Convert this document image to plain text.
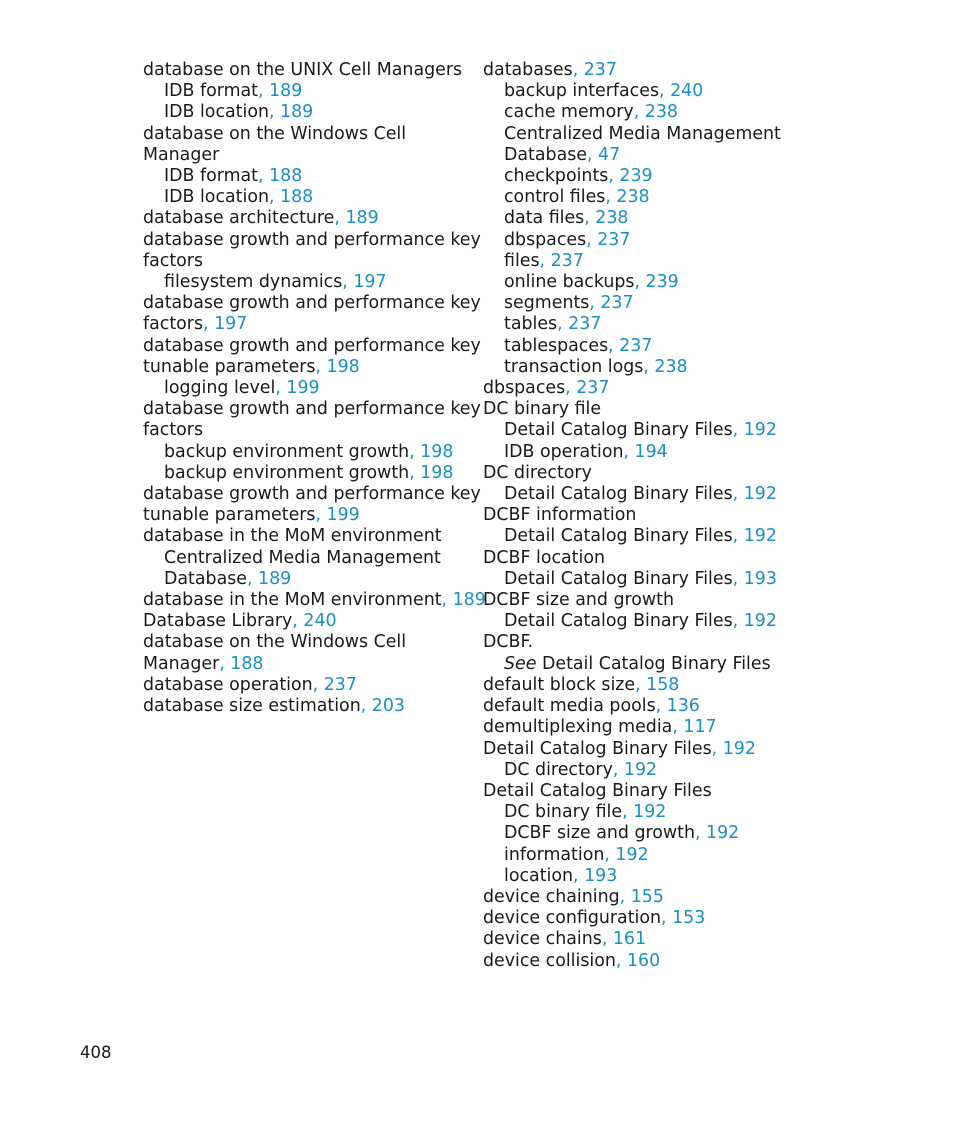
database on the UNIX Cell Managers
IDB format, 189
IDB location, 189
database on the Windows Cell
Manager
IDB format, 188
IDB location, 188
database architecture, 189
database growth and performance key
factors
filesystem dynamics, 197
database growth and performance key
factors, 197
database growth and performance key
tunable parameters, 198
logging level, 199
database growth and performance key
factors
backup environment growth, 198
backup environment growth, 198
database growth and performance key
tunable parameters, 199
database in the MoM environment
Centralized Media Management
Database, 189
database in the MoM environment, 189
Database Library, 240
database on the Windows Cell
Manager, 188
database operation, 237
database size estimation, 203
databases, 237
backup interfaces, 240
cache memory, 238
Centralized Media Management
Database, 47
checkpoints, 239
control files, 238
data files, 238
dbspaces, 237
files, 237
online backups, 239
segments, 237
tables, 237
tablespaces, 237
transaction logs, 238
dbspaces, 237
DC binary file
Detail Catalog Binary Files, 192
IDB operation, 194
DC directory
Detail Catalog Binary Files, 192
DCBF information
Detail Catalog Binary Files, 192
DCBF location
Detail Catalog Binary Files, 193
DCBF size and growth
Detail Catalog Binary Files, 192
DCBF.
See Detail Catalog Binary Files
default block size, 158
default media pools, 136
demultiplexing media, 117
Detail Catalog Binary Files, 192
DC directory, 192
Detail Catalog Binary Files
DC binary file, 192
DCBF size and growth, 192
information, 192
location, 193
device chaining, 155
device configuration, 153
device chains, 161
device collision, 160
408
